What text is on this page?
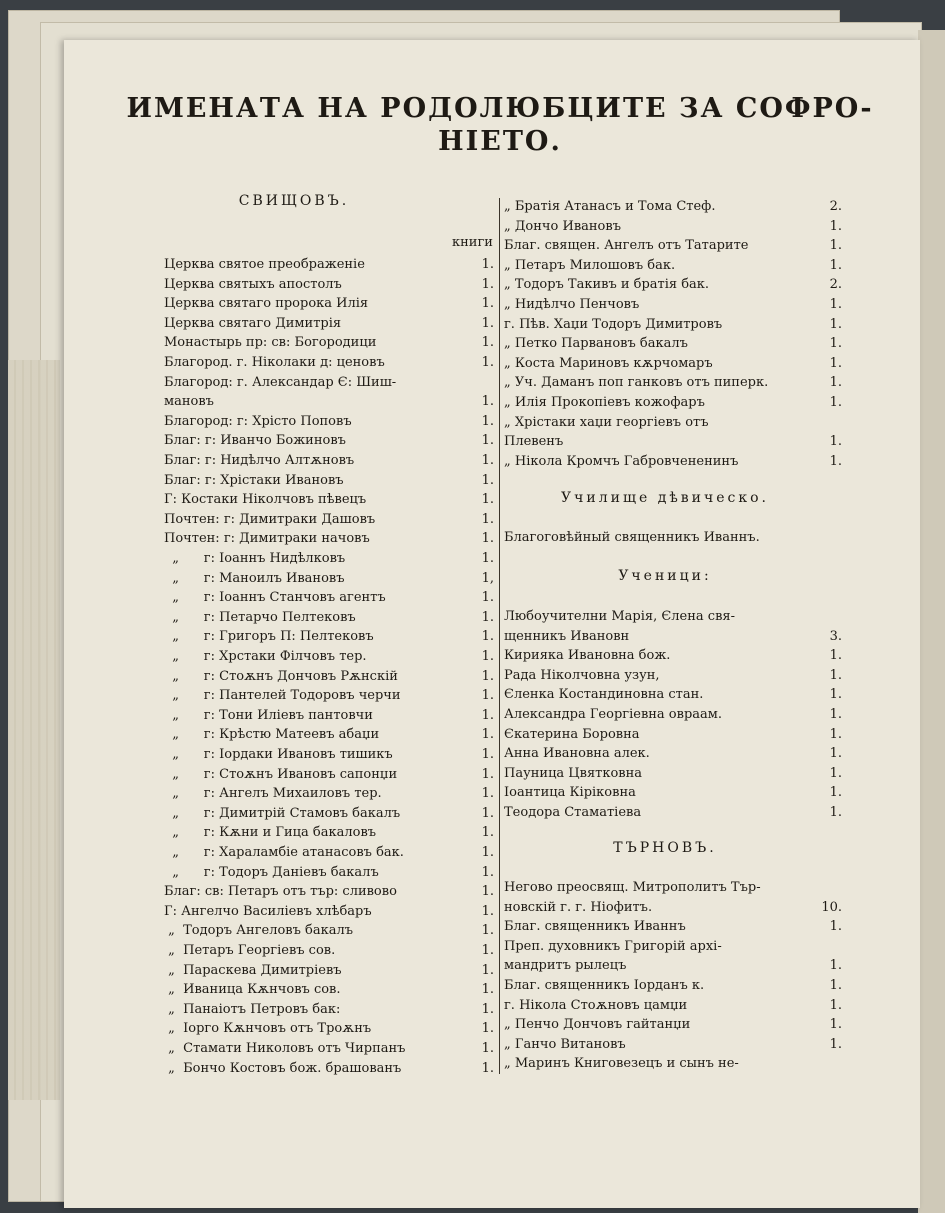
ИМЕНАТА НА РОДОЛЮБЦИТЕ ЗА СОФРО-
НІЕТО.
СВИЩОВЪ.
книги
Церква святое преображеніе	1.
Церква святыхъ апостолъ	1.
Церква святаго пророка Илія	1.
Церква святаго Димитрія	1.
Монастырь пр: св: Богородици	1.
Благород. г. Ніколаки д: ценовъ	1.
Благород: г. Александар Є: Шиш-
мановъ	1.
Благород: г: Хрісто Поповъ	1.
Благ: г: Иванчо Божиновъ	1.
Благ: г: Нидѣлчо Алтѫновъ	1.
Благ: г: Хрістаки Ивановъ	1.
Г: Костаки Ніколчовъ пѣвецъ	1.
Почтен: г: Димитраки Дашовъ	1.
Почтен: г: Димитраки начовъ	1.
„      г: Іоаннъ Нидѣлковъ	1.
„      г: Манoилъ Ивановъ	1,
„      г: Іоаннъ Станчовъ агентъ	1.
„      г: Петарчо Пелтековъ	1.
„      г: Григоръ П: Пелтековъ	1.
„      г: Хрстаки Філчовъ тер.	1.
„      г: Стоѫнъ Дончовъ Рѫнскій	1.
„      г: Пантелей Тодоровъ черчи	1.
„      г: Тони Иліевъ пантовчи	1.
„      г: Крѣстю Матеевъ абаџи	1.
„      г: Іордаки Ивановъ тишикъ	1.
„      г: Стоѫнъ Ивановъ сапонџи	1.
„      г: Ангелъ Михаиловъ тер.	1.
„      г: Димитрій Стамовъ бакалъ	1.
„      г: Кѫни и Гица бакаловъ	1.
„      г: Хараламбіе атанасовъ бак.	1.
„      г: Тодоръ Даніевъ бакалъ	1.
Благ: св: Петаръ отъ тър: сливово	1.
Г: Ангелчо Василіевъ хлѣбаръ	1.
„  Тодоръ Ангеловъ бакалъ	1.
„  Петаръ Георгіевъ сов.	1.
„  Параскева Димитріевъ	1.
„  Иваница Кѫнчовъ сов.	1.
„  Панаіотъ Петровъ бак:	1.
„  Іорго Кѫнчовъ отъ Троѫнъ	1.
„  Стамати Николовъ отъ Чирпанъ	1.
„  Бончо Костовъ бож. брашованъ	1.
„ Братія Атанасъ и Тома Стеф.	2.
„ Дончо Ивановъ	1.
Благ. священ. Ангелъ отъ Татарите	1.
„ Петаръ Милошовъ бак.	1.
„ Тодоръ Такивъ и братія бак.	2.
„ Нидѣлчо Пенчовъ	1.
г. Пѣв. Хаџи Тодоръ Димитровъ	1.
„ Петко Парвановъ бакалъ	1.
„ Коста Мариновъ кѫрчомаръ	1.
„ Уч. Даманъ поп ганковъ отъ пиперк.	1.
„ Илія Прокопіевъ кожофаръ	1.
„ Хрістаки хаџи георгіевъ отъ
Плевенъ	1.
„ Нікола Кромчъ Габровчененинъ	1.
Благоговѣйный священникъ Иваннъ.
Любоучителни Марія, Єлена свя-
щенникъ Ивановн	3.
Кирияка Ивановна бож.	1.
Рада Ніколчовна узун,	1.
Єленка Костандиновна стан.	1.
Александра Георгіевна овраам.	1.
Єкатерина Боровна	1.
Анна Ивановна алек.	1.
Пауница Цвятковна	1.
Іоантица Кіріковна	1.
Теодора Стаматіева	1.
Негово преосвящ. Митрополитъ Тър-
новскій г. г. Ніофитъ.	10.
Благ. священникъ Иваннъ	1.
Преп. духовникъ Григорій архі-
мандритъ рылецъ	1.
Благ. священникъ Іорданъ к.	1.
г. Нікола Стоѫновъ цамџи	1.
„ Пенчо Дончовъ гайтанџи	1.
„ Ганчо Витановъ	1.
„ Маринъ Книговезецъ и сынъ не-
Училище дѣвическо.
Ученици:
ТЪРНОВЪ.
